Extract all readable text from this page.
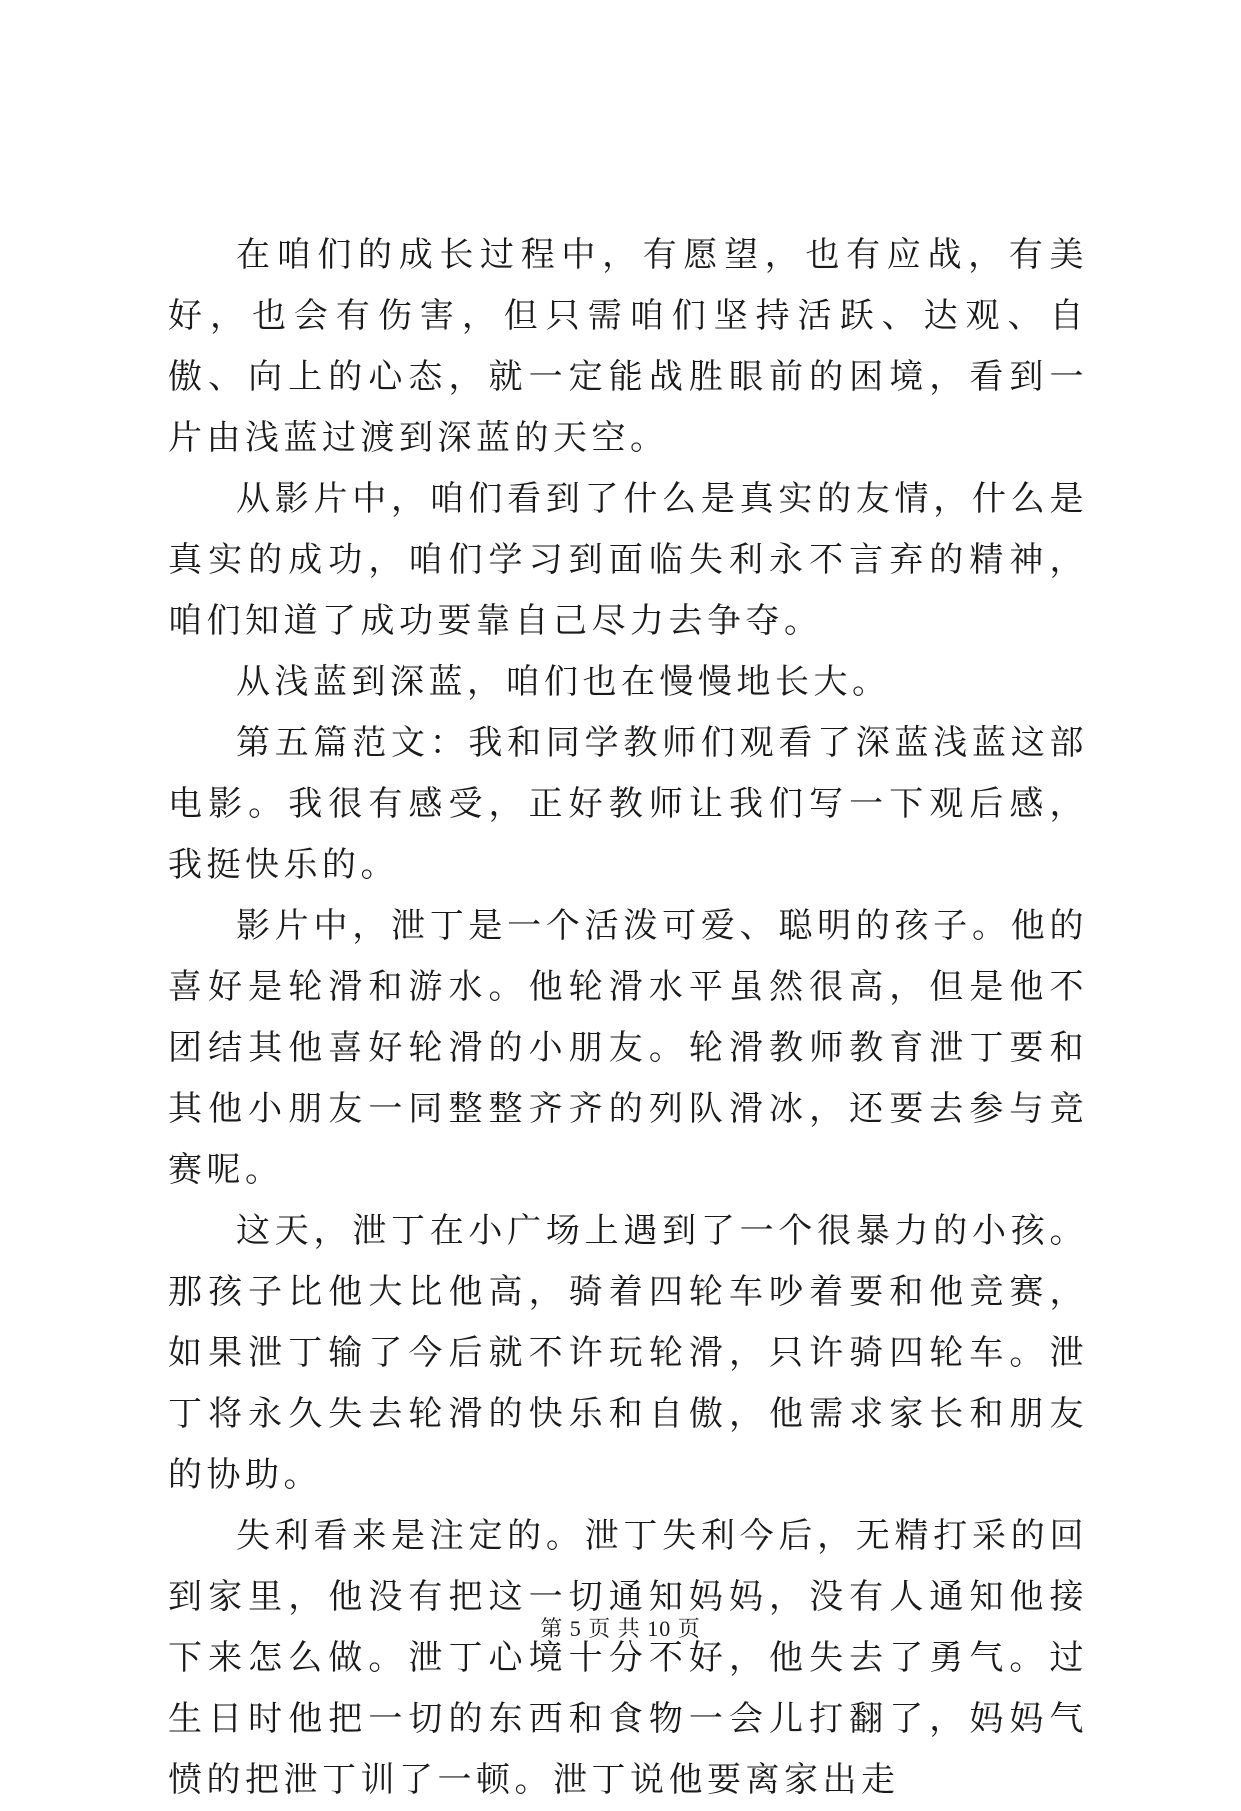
在咱们的成长过程中，有愿望，也有应战，有美好，也会有伤害，但只需咱们坚持活跃、达观、自傲、向上的心态，就一定能战胜眼前的困境，看到一片由浅蓝过渡到深蓝的天空。

从影片中，咱们看到了什么是真实的友情，什么是真实的成功，咱们学习到面临失利永不言弃的精神，咱们知道了成功要靠自己尽力去争夺。

从浅蓝到深蓝，咱们也在慢慢地长大。

第五篇范文：我和同学教师们观看了深蓝浅蓝这部电影。我很有感受，正好教师让我们写一下观后感，我挺快乐的。

影片中，泄丁是一个活泼可爱、聪明的孩子。他的喜好是轮滑和游水。他轮滑水平虽然很高，但是他不团结其他喜好轮滑的小朋友。轮滑教师教育泄丁要和其他小朋友一同整整齐齐的列队滑冰，还要去参与竞赛呢。

这天，泄丁在小广场上遇到了一个很暴力的小孩。那孩子比他大比他高，骑着四轮车吵着要和他竞赛，如果泄丁输了今后就不许玩轮滑，只许骑四轮车。泄丁将永久失去轮滑的快乐和自傲，他需求家长和朋友的协助。

失利看来是注定的。泄丁失利今后，无精打采的回到家里，他没有把这一切通知妈妈，没有人通知他接下来怎么做。泄丁心境十分不好，他失去了勇气。过生日时他把一切的东西和食物一会儿打翻了，妈妈气愤的把泄丁训了一顿。泄丁说他要离家出走

第 5 页 共 10 页
